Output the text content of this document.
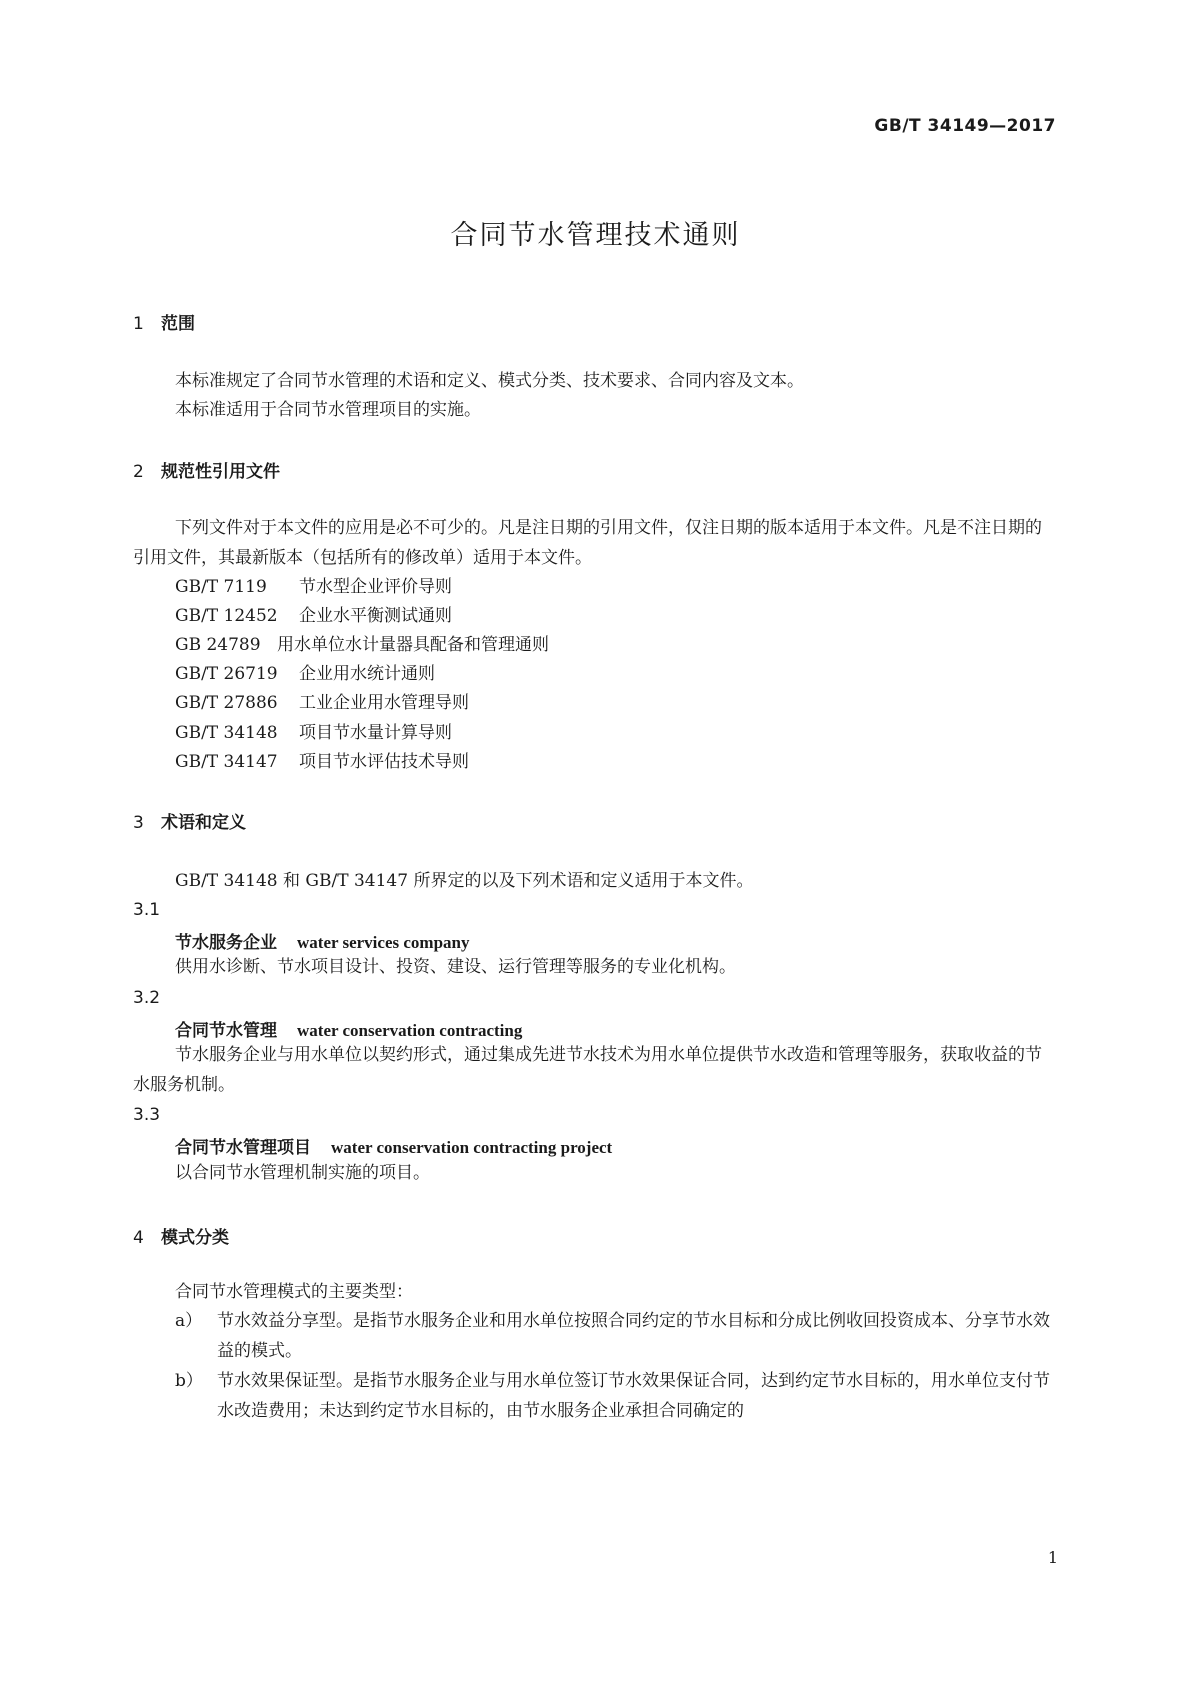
GB/T 34149—2017
合同节水管理技术通则
1 范围
本标准规定了合同节水管理的术语和定义、模式分类、技术要求、合同内容及文本。
本标准适用于合同节水管理项目的实施。
2 规范性引用文件
下列文件对于本文件的应用是必不可少的。凡是注日期的引用文件，仅注日期的版本适用于本文件。凡是不注日期的引用文件，其最新版本（包括所有的修改单）适用于本文件。
GB/T 7119 节水型企业评价导则
GB/T 12452 企业水平衡测试通则
GB 24789 用水单位水计量器具配备和管理通则
GB/T 26719 企业用水统计通则
GB/T 27886 工业企业用水管理导则
GB/T 34148 项目节水量计算导则
GB/T 34147 项目节水评估技术导则
3 术语和定义
GB/T 34148 和 GB/T 34147 所界定的以及下列术语和定义适用于本文件。
3.1
节水服务企业 water services company
供用水诊断、节水项目设计、投资、建设、运行管理等服务的专业化机构。
3.2
合同节水管理 water conservation contracting
节水服务企业与用水单位以契约形式，通过集成先进节水技术为用水单位提供节水改造和管理等服务，获取收益的节水服务机制。
3.3
合同节水管理项目 water conservation contracting project
以合同节水管理机制实施的项目。
4 模式分类
合同节水管理模式的主要类型：
a） 节水效益分享型。是指节水服务企业和用水单位按照合同约定的节水目标和分成比例收回投资成本、分享节水效益的模式。
b） 节水效果保证型。是指节水服务企业与用水单位签订节水效果保证合同，达到约定节水目标的，用水单位支付节水改造费用；未达到约定节水目标的，由节水服务企业承担合同确定的
1
